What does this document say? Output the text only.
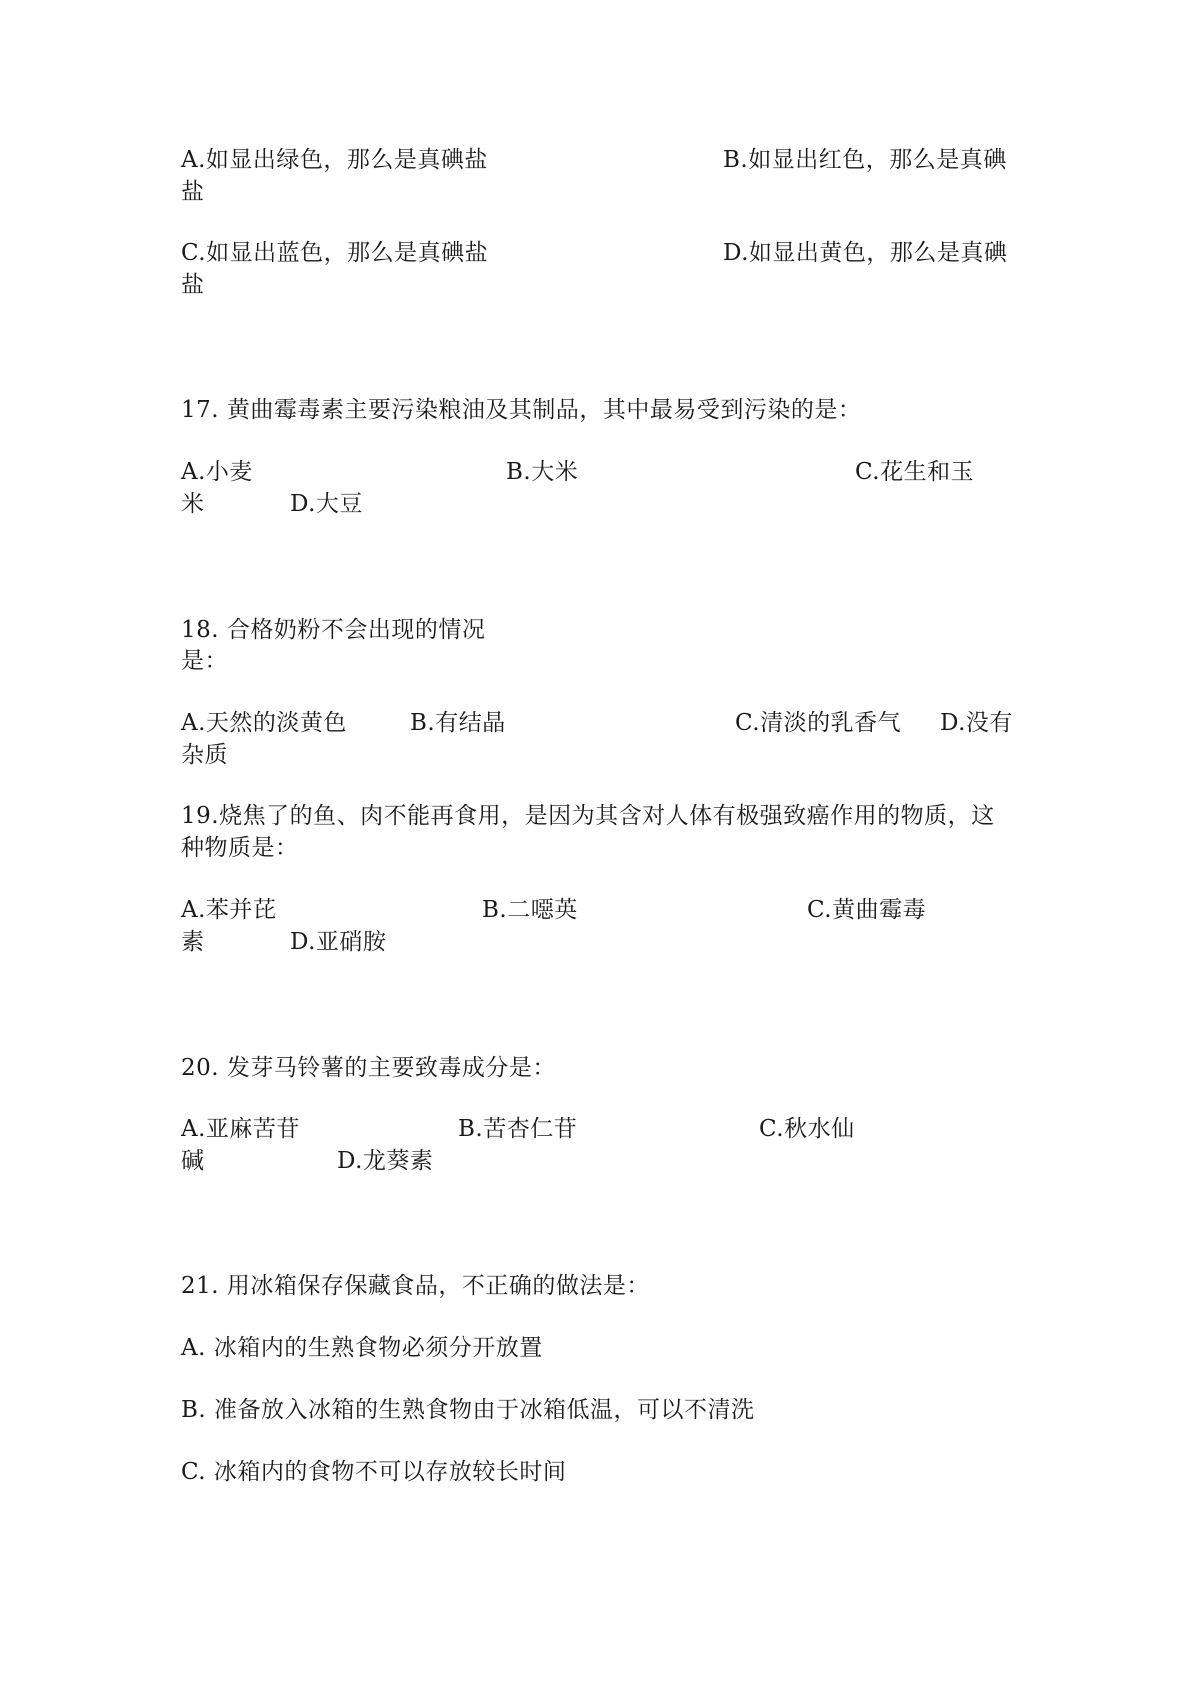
A.如显出绿色，那么是真碘盐	B.如显出红色，那么是真碘
盐
C.如显出蓝色，那么是真碘盐	D.如显出黄色，那么是真碘
盐
17. 黄曲霉毒素主要污染粮油及其制品，其中最易受到污染的是：
A.小麦	B.大米	C.花生和玉
米	D.大豆
18. 合格奶粉不会出现的情况
是：
A.天然的淡黄色	B.有结晶	C.清淡的乳香气 D.没有
杂质
19.烧焦了的鱼、肉不能再食用，是因为其含对人体有极强致癌作用的物质，这
种物质是：
A.苯并芘	B.二噁英	C.黄曲霉毒
素	D.亚硝胺
20. 发芽马铃薯的主要致毒成分是：
A.亚麻苦苷	B.苦杏仁苷	C.秋水仙
碱	D.龙葵素
21. 用冰箱保存保藏食品，不正确的做法是：
A. 冰箱内的生熟食物必须分开放置
B. 准备放入冰箱的生熟食物由于冰箱低温，可以不清洗
C. 冰箱内的食物不可以存放较长时间
